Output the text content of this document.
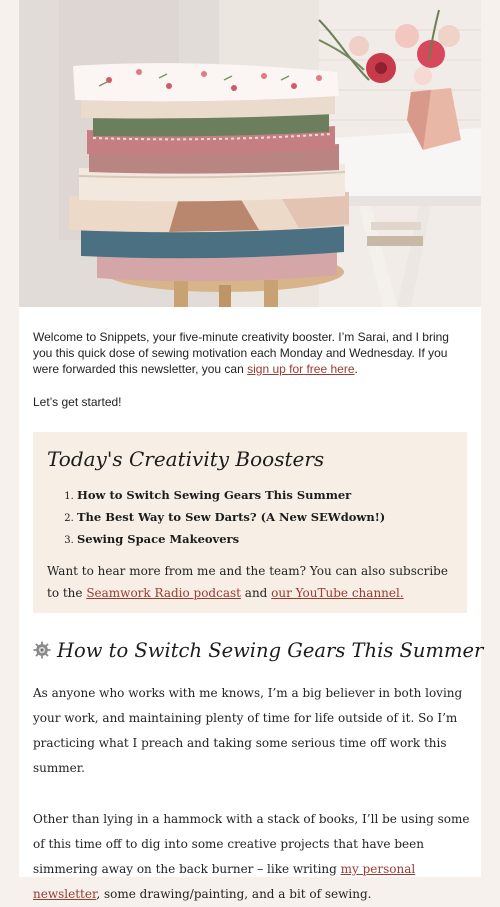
Welcome to Snippets, your five-minute creativity booster. I’m Sarai, and I bring you this quick dose of sewing motivation each Monday and Wednesday. If you were forwarded this newsletter, you can sign up for free here.

Let’s get started!

Today's Creativity Boosters
1. How to Switch Sewing Gears This Summer
2. The Best Way to Sew Darts? (A New SEWdown!)
3. Sewing Space Makeovers

Want to hear more from me and the team? You can also subscribe to the Seamwork Radio podcast and our YouTube channel.

How to Switch Sewing Gears This Summer

As anyone who works with me knows, I’m a big believer in both loving your work, and maintaining plenty of time for life outside of it. So I’m practicing what I preach and taking some serious time off work this summer.

Other than lying in a hammock with a stack of books, I’ll be using some of this time off to dig into some creative projects that have been simmering away on the back burner – like writing my personal newsletter, some drawing/painting, and a bit of sewing.
